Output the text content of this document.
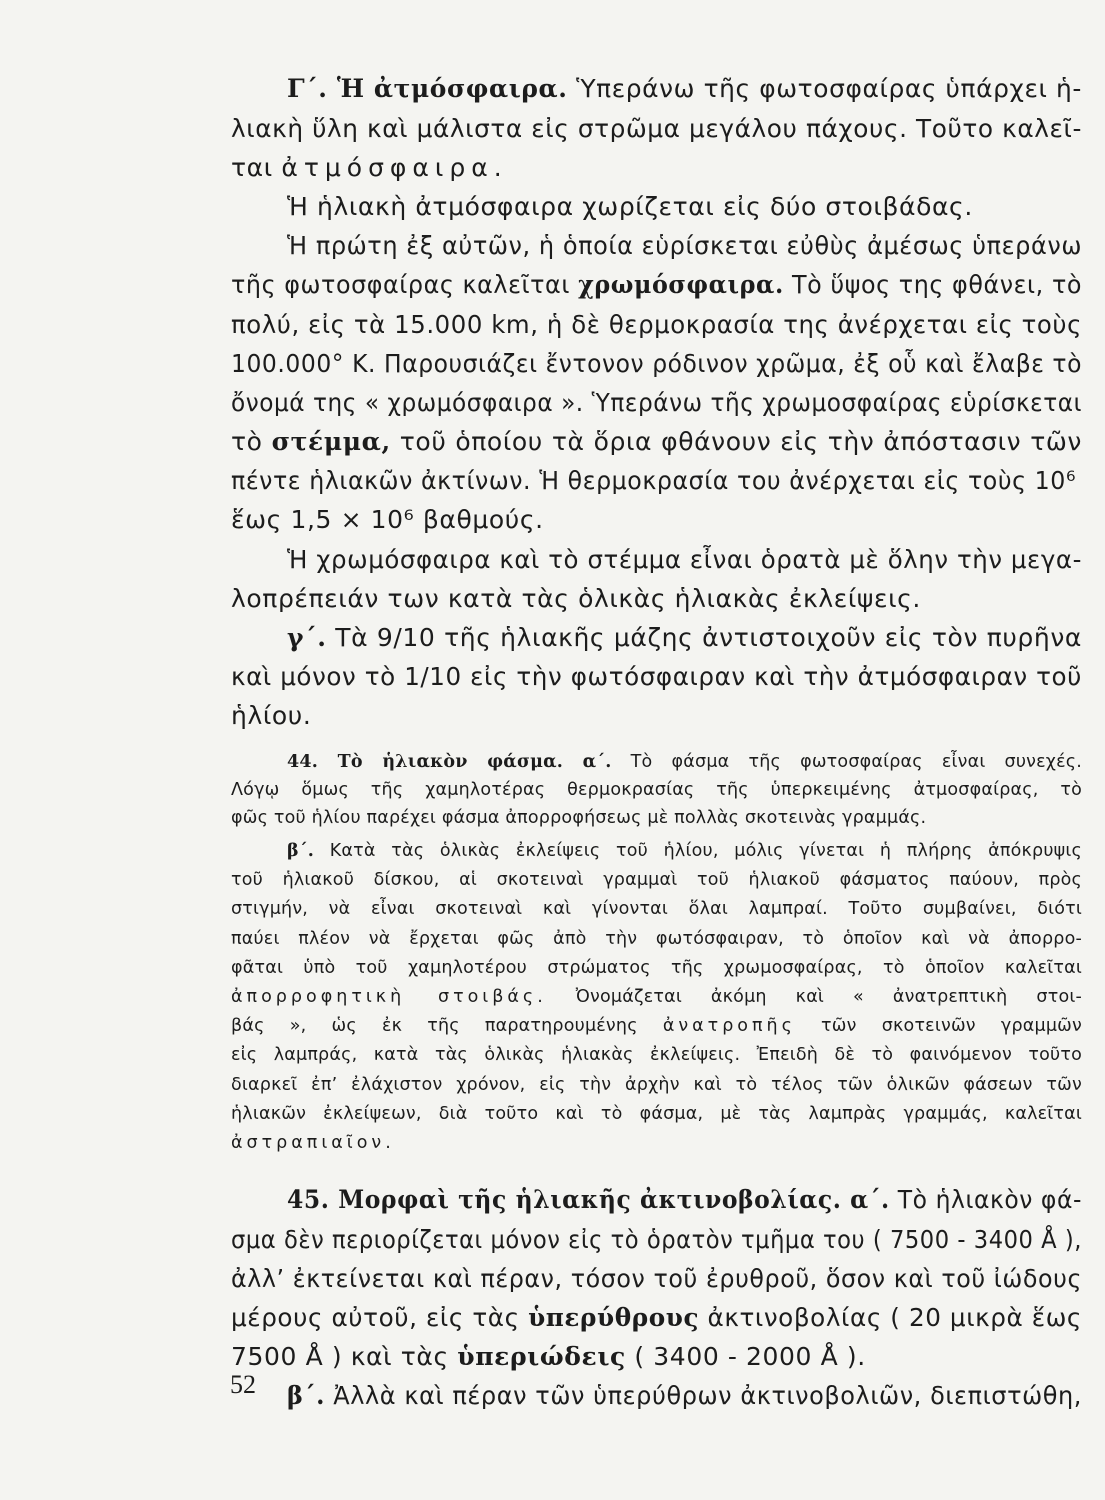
Γ΄. Ἡ ἀτμόσφαιρα. Ὑπεράνω τῆς φωτοσφαίρας ὑπάρχει ἡ-

λιακὴ ὕλη καὶ μάλιστα εἰς στρῶμα μεγάλου πάχους. Τοῦτο καλεῖ-

ται ἀτμόσφαιρα.

Ἡ ἡλιακὴ ἀτμόσφαιρα χωρίζεται εἰς δύο στοιβάδας.

Ἡ πρώτη ἐξ αὐτῶν, ἡ ὁποία εὑρίσκεται εὐθὺς ἀμέσως ὑπεράνω

τῆς φωτοσφαίρας καλεῖται χρωμόσφαιρα. Τὸ ὕψος της φθάνει, τὸ

πολύ, εἰς τὰ 15.000 km, ἡ δὲ θερμοκρασία της ἀνέρχεται εἰς τοὺς

100.000° K. Παρουσιάζει ἔντονον ρόδινον χρῶμα, ἐξ οὗ καὶ ἔλαβε τὸ

ὄνομά της « χρωμόσφαιρα ». Ὑπεράνω τῆς χρωμοσφαίρας εὑρίσκεται

τὸ στέμμα, τοῦ ὁποίου τὰ ὅρια φθάνουν εἰς τὴν ἀπόστασιν τῶν

πέντε ἡλιακῶν ἀκτίνων. Ἡ θερμοκρασία του ἀνέρχεται εἰς τοὺς 10⁶

ἕως 1,5 × 10⁶ βαθμούς.

Ἡ χρωμόσφαιρα καὶ τὸ στέμμα εἶναι ὁρατὰ μὲ ὅλην τὴν μεγα-

λοπρέπειάν των κατὰ τὰς ὁλικὰς ἡλιακὰς ἐκλείψεις.

γ΄. Τὰ 9/10 τῆς ἡλιακῆς μάζης ἀντιστοιχοῦν εἰς τὸν πυρῆνα

καὶ μόνον τὸ 1/10 εἰς τὴν φωτόσφαιραν καὶ τὴν ἀτμόσφαιραν τοῦ

ἡλίου.

44. Τὸ ἡλιακὸν φάσμα. α΄. Τὸ φάσμα τῆς φωτοσφαίρας εἶναι συνεχές.

Λόγῳ ὅμως τῆς χαμηλοτέρας θερμοκρασίας τῆς ὑπερκειμένης ἀτμοσφαίρας, τὸ

φῶς τοῦ ἡλίου παρέχει φάσμα ἀπορροφήσεως μὲ πολλὰς σκοτεινὰς γραμμάς.

β΄. Κατὰ τὰς ὁλικὰς ἐκλείψεις τοῦ ἡλίου, μόλις γίνεται ἡ πλήρης ἀπόκρυψις

τοῦ ἡλιακοῦ δίσκου, αἱ σκοτειναὶ γραμμαὶ τοῦ ἡλιακοῦ φάσματος παύουν, πρὸς

στιγμήν, νὰ εἶναι σκοτειναὶ καὶ γίνονται ὅλαι λαμπραί. Τοῦτο συμβαίνει, διότι

παύει πλέον νὰ ἔρχεται φῶς ἀπὸ τὴν φωτόσφαιραν, τὸ ὁποῖον καὶ νὰ ἀπορρο-

φᾶται ὑπὸ τοῦ χαμηλοτέρου στρώματος τῆς χρωμοσφαίρας, τὸ ὁποῖον καλεῖται

ἀπορροφητικὴ στοιβάς. Ὀνομάζεται ἀκόμη καὶ « ἀνατρεπτικὴ στοι-

βάς », ὡς ἐκ τῆς παρατηρουμένης ἀνατροπῆς τῶν σκοτεινῶν γραμμῶν

εἰς λαμπράς, κατὰ τὰς ὁλικὰς ἡλιακὰς ἐκλείψεις. Ἐπειδὴ δὲ τὸ φαινόμενον τοῦτο

διαρκεῖ ἐπ’ ἐλάχιστον χρόνον, εἰς τὴν ἀρχὴν καὶ τὸ τέλος τῶν ὁλικῶν φάσεων τῶν

ἡλιακῶν ἐκλείψεων, διὰ τοῦτο καὶ τὸ φάσμα, μὲ τὰς λαμπρὰς γραμμάς, καλεῖται

ἀστραπιαῖον.

45. Μορφαὶ τῆς ἡλιακῆς ἀκτινοβολίας. α΄. Τὸ ἡλιακὸν φά-

σμα δὲν περιορίζεται μόνον εἰς τὸ ὁρατὸν τμῆμα του ( 7500 - 3400 Å ),

ἀλλ’ ἐκτείνεται καὶ πέραν, τόσον τοῦ ἐρυθροῦ, ὅσον καὶ τοῦ ἰώδους

μέρους αὐτοῦ, εἰς τὰς ὑπερύθρους ἀκτινοβολίας ( 20 μικρὰ ἕως

7500 Å ) καὶ τὰς ὑπεριώδεις ( 3400 - 2000 Å ).

β΄. Ἀλλὰ καὶ πέραν τῶν ὑπερύθρων ἀκτινοβολιῶν, διεπιστώθη,

52
